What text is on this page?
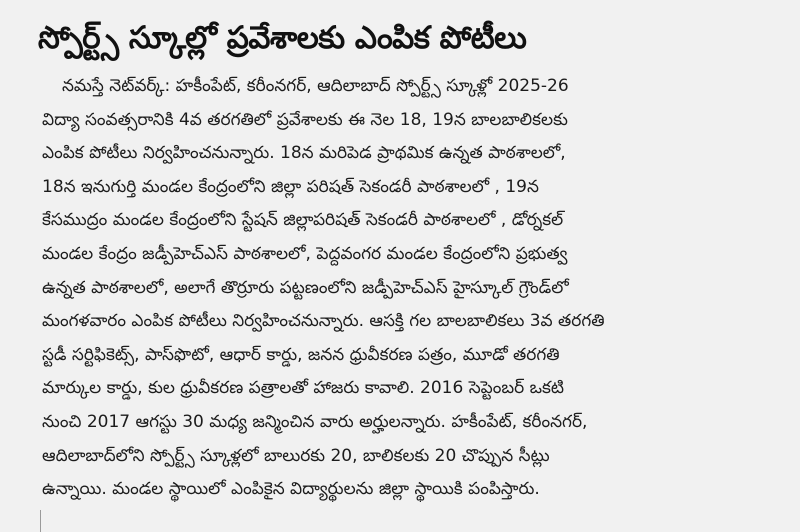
స్పోర్ట్స్ స్కూల్లో ప్రవేశాలకు ఎంపిక పోటీలు
నమస్తే నెట్‌వర్క్: హకీంపేట్, కరీంనగర్, ఆదిలాబాద్ స్పోర్ట్స్ స్కూళ్లో 2025-26
విద్యా సంవత్సరానికి 4వ తరగతిలో ప్రవేశాలకు ఈ నెల 18, 19న బాలబాలికలకు
ఎంపిక పోటీలు నిర్వహించనున్నారు. 18న మరిపెడ ప్రాథమిక ఉన్నత పాఠశాలలో,
18న ఇనుగుర్తి మండల కేంద్రంలోని జిల్లా పరిషత్ సెకండరీ పాఠశాలలో , 19న
కేసముద్రం మండల కేంద్రంలోని స్టేషన్ జిల్లాపరిషత్ సెకండరీ పాఠశాలలో , డోర్నకల్
మండల కేంద్రం జడ్పీహెచ్ఎస్ పాఠశాలలో, పెద్దవంగర మండల కేంద్రంలోని ప్రభుత్వ
ఉన్నత పాఠశాలలో, అలాగే తొర్రూరు పట్టణంలోని జడ్పీహెచ్ఎస్ హైస్కూల్ గ్రౌండ్‌లో
మంగళవారం ఎంపిక పోటీలు నిర్వహించనున్నారు. ఆసక్తి గల బాలబాలికలు 3వ తరగతి
స్టడీ సర్టిఫికెట్స్, పాస్‌ఫొటో, ఆధార్ కార్డు, జనన ధ్రువీకరణ పత్రం, మూడో తరగతి
మార్కుల కార్డు, కుల ధ్రువీకరణ పత్రాలతో హాజరు కావాలి. 2016 సెప్టెంబర్ ఒకటి
నుంచి 2017 ఆగస్టు 30 మధ్య జన్మించిన వారు అర్హులన్నారు. హకీంపేట్, కరీంనగర్,
ఆదిలాబాద్‌లోని స్పోర్ట్స్ స్కూళ్లలో బాలురకు 20, బాలికలకు 20 చొప్పున సీట్లు
ఉన్నాయి. మండల స్థాయిలో ఎంపికైన విద్యార్థులను జిల్లా స్థాయికి పంపిస్తారు.
